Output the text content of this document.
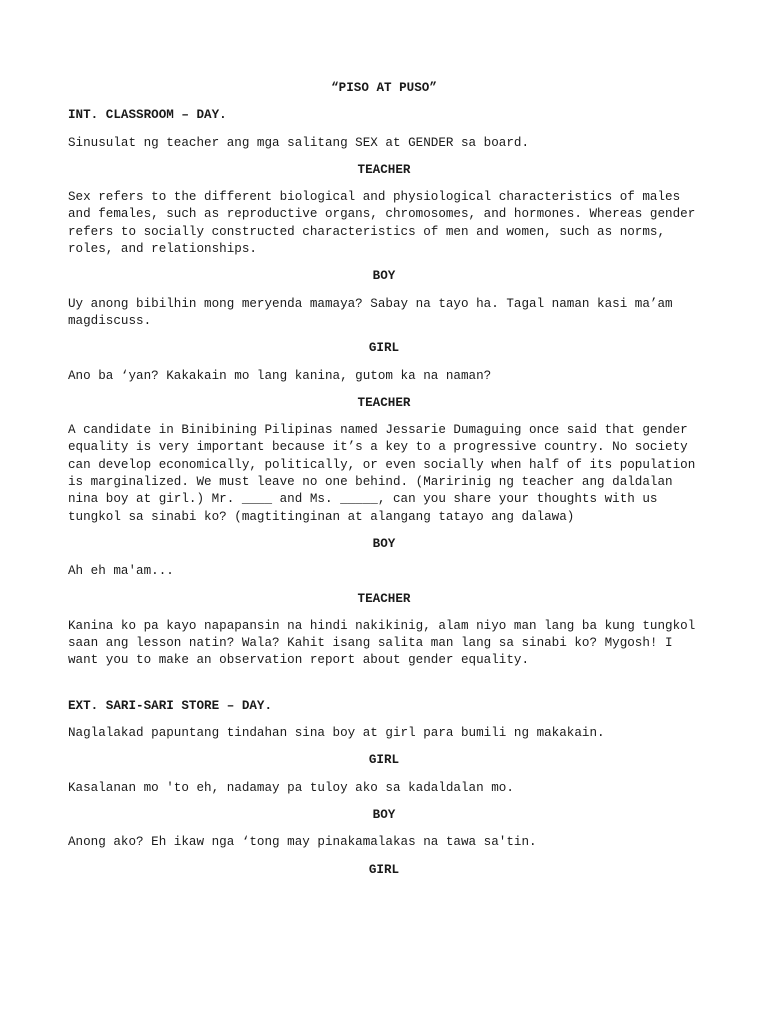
“PISO AT PUSO”

INT. CLASSROOM – DAY.

Sinusulat ng teacher ang mga salitang SEX at GENDER sa board.

TEACHER

Sex refers to the different biological and physiological characteristics of males and females, such as reproductive organs, chromosomes, and hormones. Whereas gender refers to socially constructed characteristics of men and women, such as norms, roles, and relationships.

BOY

Uy anong bibilhin mong meryenda mamaya? Sabay na tayo ha. Tagal naman kasi ma’am magdiscuss.

GIRL

Ano ba ‘yan? Kakakain mo lang kanina, gutom ka na naman?

TEACHER

A candidate in Binibining Pilipinas named Jessarie Dumaguing once said that gender equality is very important because it’s a key to a progressive country. No society can develop economically, politically, or even socially when half of its population is marginalized. We must leave no one behind. (Maririnig ng teacher ang daldalan nina boy at girl.) Mr. ____ and Ms. _____, can you share your thoughts with us tungkol sa sinabi ko? (magtitinginan at alangang tatayo ang dalawa)

BOY

Ah eh ma'am...

TEACHER

Kanina ko pa kayo napapansin na hindi nakikinig, alam niyo man lang ba kung tungkol saan ang lesson natin? Wala? Kahit isang salita man lang sa sinabi ko? Mygosh! I want you to make an observation report about gender equality.

EXT. SARI-SARI STORE – DAY.

Naglalakad papuntang tindahan sina boy at girl para bumili ng makakain.

GIRL

Kasalanan mo 'to eh, nadamay pa tuloy ako sa kadaldalan mo.

BOY

Anong ako? Eh ikaw nga ‘tong may pinakamalakas na tawa sa'tin.

GIRL
